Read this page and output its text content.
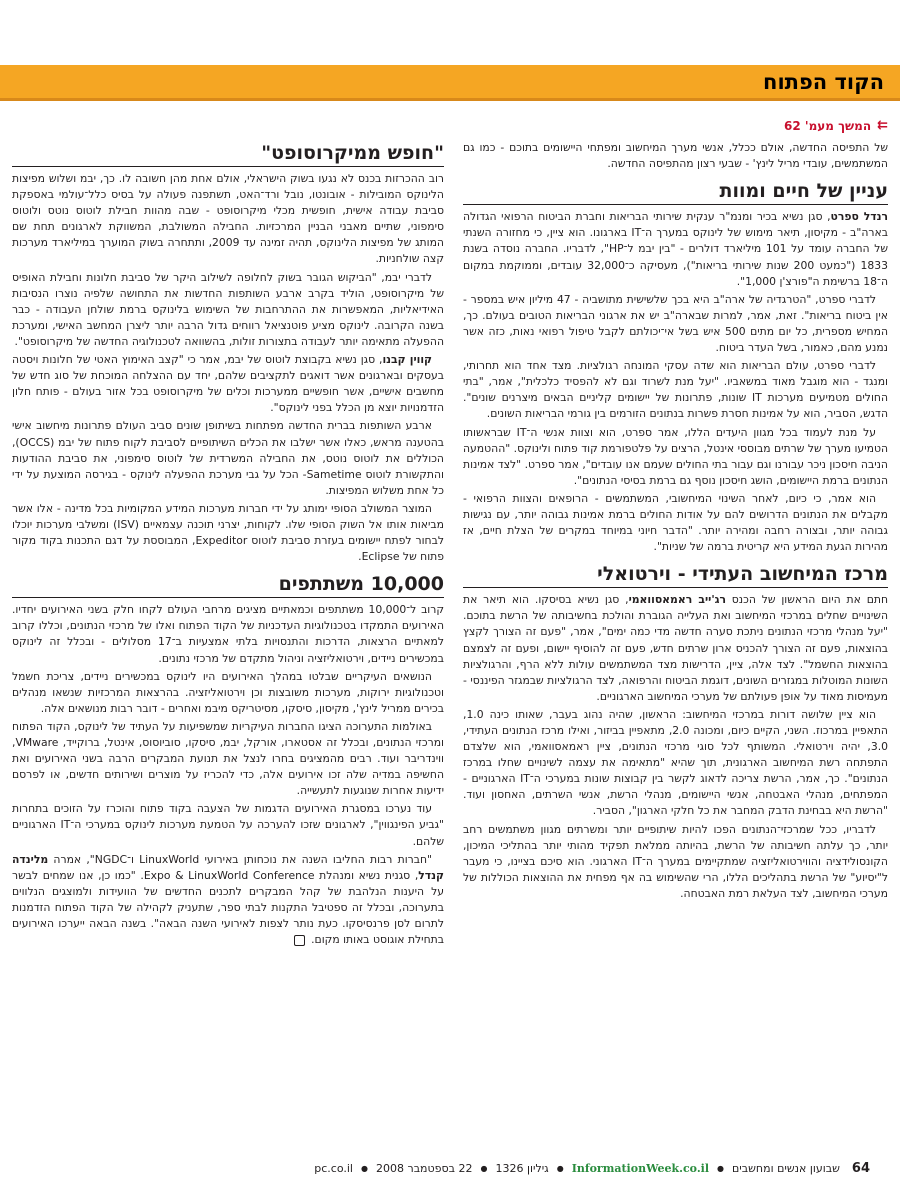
הקוד הפתוח
⇇
המשך מעמ' 62

של התפיסה החדשה, אולם ככלל, אנשי מערך המיחשוב ומפתחי היישומים בתוכם - כמו גם המשתמשים, עובדי מריל לינץ' - שבעי רצון מהתפיסה החדשה.

עניין של חיים ומוות

רנדל ספרט, סגן נשיא בכיר ומנמ"ר ענקית שירותי הבריאות וחברת הביטוח הרפואי הגדולה בארה"ב - מקיסון, תיאר מימוש של לינוקס במערך ה־IT בארגונו. הוא ציין, כי מחזורה השנתי של החברה עומד על 101 מיליארד דולרים - "בין יבמ ל־HP", לדבריו. החברה נוסדה בשנת 1833 ("כמעט 200 שנות שירותי בריאות"), מעסיקה כ־32,000 עובדים, וממוקמת במקום ה־18 ברשימת ה"פורצ'ן 1,000".

לדברי ספרט, "הטרגדיה של ארה"ב היא בכך שלשישית מתושביה - 47 מיליון איש במספר - אין ביטוח בריאות". זאת, אמר, למרות שבארה"ב יש את ארגוני הבריאות הטובים בעולם. כך, המחיש מספרית, כל יום מתים 500 איש בשל אי־יכולתם לקבל טיפול רפואי נאות, כזה אשר נמנע מהם, כאמור, בשל העדר ביטוח.

לדברי ספרט, עולם הבריאות הוא שדה עסקי המונחה רגולציות. מצד אחד הוא תחרותי, ומנגד - הוא מוגבל מאוד במשאביו. "יעל מנת לשרוד וגם לא להפסיד כלכלית", אמר, "בתי החולים מטמיעים מערכות IT שונות, פתרונות של יישומים קליניים הבאים מיצרנים שונים". הדגש, הסביר, הוא על אמינות חסרת פשרות בנתונים הזורמים בין גורמי הבריאות השונים.

על מנת לעמוד בכל מגוון היעדים הללו, אמר ספרט, הוא וצוות אנשי ה־IT שבראשותו הטמיעו מערך של שרתים מבוססי אינטל, הרצים על פלטפורמת קוד פתוח ולינוקס. "ההטמעה הניבה חיסכון ניכר עבורנו וגם עבור בתי החולים שעמם אנו עובדים", אמר ספרט. "לצד אמינות הנתונים ברמת היישומים, הושג חיסכון נוסף גם ברמת בסיסי הנתונים".

הוא אמר, כי כיום, לאחר השינוי המיחשובי, המשתמשים - הרופאים והצוות הרפואי - מקבלים את הנתונים הדרושים להם על אודות החולים ברמת אמינות גבוהה יותר, עם נגישות גבוהה יותר, ובצורה רחבה ומהירה יותר. "הדבר חיוני במיוחד במקרים של הצלת חיים, אז מהירות הגעת המידע היא קריטית ברמה של שניות".

מרכז המיחשוב העתידי - וירטואלי

חתם את היום הראשון של הכנס רג'ייב ראמאסוואמי, סגן נשיא בסיסקו. הוא תיאר את השינויים שחלים במרכזי המיחשוב ואת העלייה הגוברת והולכת בחשיבותה של הרשת בתוכם. "יעל מנהלי מרכזי הנתונים ניתכת סערה חדשה מדי כמה ימים", אמר, "פעם זה הצורך לקצץ בהוצאות, פעם זה הצורך להכניס ארון שרתים חדש, פעם זה להוסיף יישום, ופעם זה לצמצם בהוצאות החשמל". לצד אלה, ציין, הדרישות מצד המשתמשים עולות ללא הרף, והרגולציות השונות המוטלות במגזרים השונים, דוגמת הביטוח והרפואה, לצד הרגולציות שבמגזר הפיננסי - מעמיסות מאוד על אופן פעולתם של מערכי המיחשוב הארגוניים.

הוא ציין שלושה דורות במרכזי המיחשוב: הראשון, שהיה נהוג בעבר, שאותו כינה 1.0, התאפיין במרכוז. השני, הקיים כיום, ומכונה 2.0, מתאפיין בביזור, ואילו מרכז הנתונים העתידי, 3.0, יהיה וירטואלי. המשותף לכל סוגי מרכזי הנתונים, ציין ראמאסוואמי, הוא שלצדם התפתחה רשת המיחשוב הארגונית, תוך שהיא "מתאימה את עצמה לשינויים שחלו במרכז הנתונים". כך, אמר, הרשת צריכה לדאוג לקשר בין קבוצות שונות במערכי ה־IT הארגוניים - המפתחים, מנהלי האבטחה, אנשי היישומים, מנהלי הרשת, אנשי השרתים, האחסון ועוד. "הרשת היא בבחינת הדבק המחבר את כל חלקי הארגון", הסביר.

לדבריו, ככל שמרכזי־הנתונים הפכו להיות שיתופיים יותר ומשרתים מגוון משתמשים רחב יותר, כך עלתה חשיבותה של הרשת, בהיותה ממלאת תפקיד מהותי יותר בהתליכי המיכון, הקונסולידציה והווירטואליזציה שמתקיימים במערך ה־IT הארגוני. הוא סיכם בציינו, כי מעבר ל"יסיוע" של הרשת בתהליכים הללו, הרי שהשימוש בה אף מפחית את ההוצאות הכוללות של מערכי המיחשוב, לצד העלאת רמת האבטחה.

"חופש ממיקרוסופט"

רוב ההכרזות בכנס לא נגעו בשוק הישראלי, אולם אחת מהן חשובה לו. כך, יבמ ושלוש מפיצות הלינוקס המובילות - אובונטו, נובל ורד־האט, תשתפנה פעולה על בסיס כלל־עולמי באספקת סביבת עבודה אישית, חופשית מכלי מיקרוסופט - שבה מהוות חבילת לוטוס נוטס ולוטוס סימפוני, שתיים מאבני הבניין המרכזיות. החבילה המשולבת, המשווקת לארגונים תחת שם המותג של מפיצות הלינוקס, תהיה זמינה עד 2009, ותתחרה בשוק המוערך במיליארד מערכות קצה שולחניות.

לדברי יבמ, "הביקוש הגובר בשוק לחלופה לשילוב היקר של סביבת חלונות וחבילת האופיס של מיקרוסופט, הוליד בקרב ארבע השותפות החדשות את התחושה שלפיה נוצרו הנסיבות האידיאליות, המאפשרות את ההתרחבות של השימוש בלינוקס ברמת שולחן העבודה - כבר בשנה הקרובה. לינוקס מציע פוטנציאל רווחים גדול הרבה יותר ליצרן המחשב האישי, ומערכת ההפעלה מתאימה יותר לעבודה בתצורות זולות, בהשוואה לטכנולוגיה החדשה של מיקרוסופט".

קווין קבנו, סגן נשיא בקבוצת לוטוס של יבמ, אמר כי "קצב האימוץ האטי של חלונות ויסטה בעסקים ובארגונים אשר דואגים לתקציבים שלהם, יחד עם ההצלחה המוכחת של סוג חדש של מחשבים אישיים, אשר חופשיים ממערכות וכלים של מיקרוסופט בכל אזור בעולם - פותח חלון הזדמנויות יוצא מן הכלל בפני לינוקס".

ארבע השותפות בברית החדשה מפתחות בשיתופן שונים סביב העולם פתרונות מיחשוב אישי בהטענה מראש, כאלו אשר ישלבו את הכלים השיתופיים לסביבת לקוח פתוח של יבמ (OCCS), הכוללים את לוטוס נוטס, את החבילה המשרדית של לוטוס סימפוני, את סביבת ההודעות והתקשורת לוטוס Sametime- הכל על גבי מערכת ההפעלה לינוקס - בגירסה המוצעת על ידי כל אחת משלוש המפיצות.

המוצר המשולב הסופי ימותג על ידי חברות מערכות המידע המקומיות בכל מדינה - אלו אשר מביאות אותו אל השוק הסופי שלו. לקוחות, יצרני תוכנה עצמאיים (ISV) ומשלבי מערכות יוכלו לבחור לפתח יישומים בעזרת סביבת לוטוס Expeditor, המבוססת על דגם התכנות בקוד מקור פתוח של Eclipse.

10,000 משתתפים

קרוב ל־10,000 משתתפים וכמאתיים מציגים מרחבי העולם לקחו חלק בשני האירועים יחדיו. האירועים התמקדו בטכנולוגיות העדכניות של הקוד הפתוח ואלו של מרכזי הנתונים, וכללו קרוב למאתיים הרצאות, הדרכות והתנסויות בלתי אמצעיות ב־17 מסלולים - ובכלל זה לינוקס במכשירים ניידים, וירטואליזציה וניהול מתקדם של מרכזי נתונים.

הנושאים העיקריים שבלטו במהלך האירועים היו לינוקס במכשירים ניידים, צריכת חשמל וטכנולוגיות ירוקות, מערכות משובצות וכן וירטואליזציה. בהרצאות המרכזיות שנשאו מנהלים בכירים ממריל לינץ', מקיסון, סיסקו, מסיטריקס מיבמ ואחרים - דובר רבות מנושאים אלה.

באולמות התערוכה הציגו החברות העיקריות שמשפיעות על העתיד של לינוקס, הקוד הפתוח ומרכזי הנתונים, ובכלל זה אסטארו, אורקל, יבמ, סיסקו, סוביוסוס, אינטל, ברוקייד, VMware, ווינדריבר ועוד. רבים מהמציגים בחרו לנצל את תנועת המבקרים הרבה בשני האירועים ואת החשיפה במדיה שלה זכו אירועים אלה, כדי להכריז על מוצרים ושירותים חדשים, או לפרסם ידיעות אחרות שנוגעות לתעשייה.

עוד נערכו במסגרת האירועים הדגמות של הצעבה בקוד פתוח והוכרז על הזוכים בתחרות "גביע הפינגווין", לארגונים שזכו להערכה על הטמעת מערכות לינוקס במערכי ה־IT הארגוניים שלהם.

"חברות רבות החליבו השנה את נוכחותן באירועי LinuxWorld ו־NGDC", אמרה מלינדה קנדל, סגנית נשיא ומנהלת Expo & LinuxWorld Conference. "כמו כן, אנו שמחים לבשר על היענות הנלהבת של קהל המבקרים לתכנים החדשים של הוועידות ולמוצגים הנלווים בתערוכה, ובכלל זה ספטיבל התקנות לבתי ספר, שתעניק לקהילה של הקוד הפתוח הזדמנות לתרום לסן פרנסיסקו. כעת נותר לצפות לאירועי השנה הבאה". בשנה הבאה ייערכו האירועים בתחילת אוגוסט באותו מקום.

64
שבועון אנשים ומחשבים
●
InformationWeek.co.il
●
גיליון 1326
●
22 בספטמבר 2008
●
pc.co.il
